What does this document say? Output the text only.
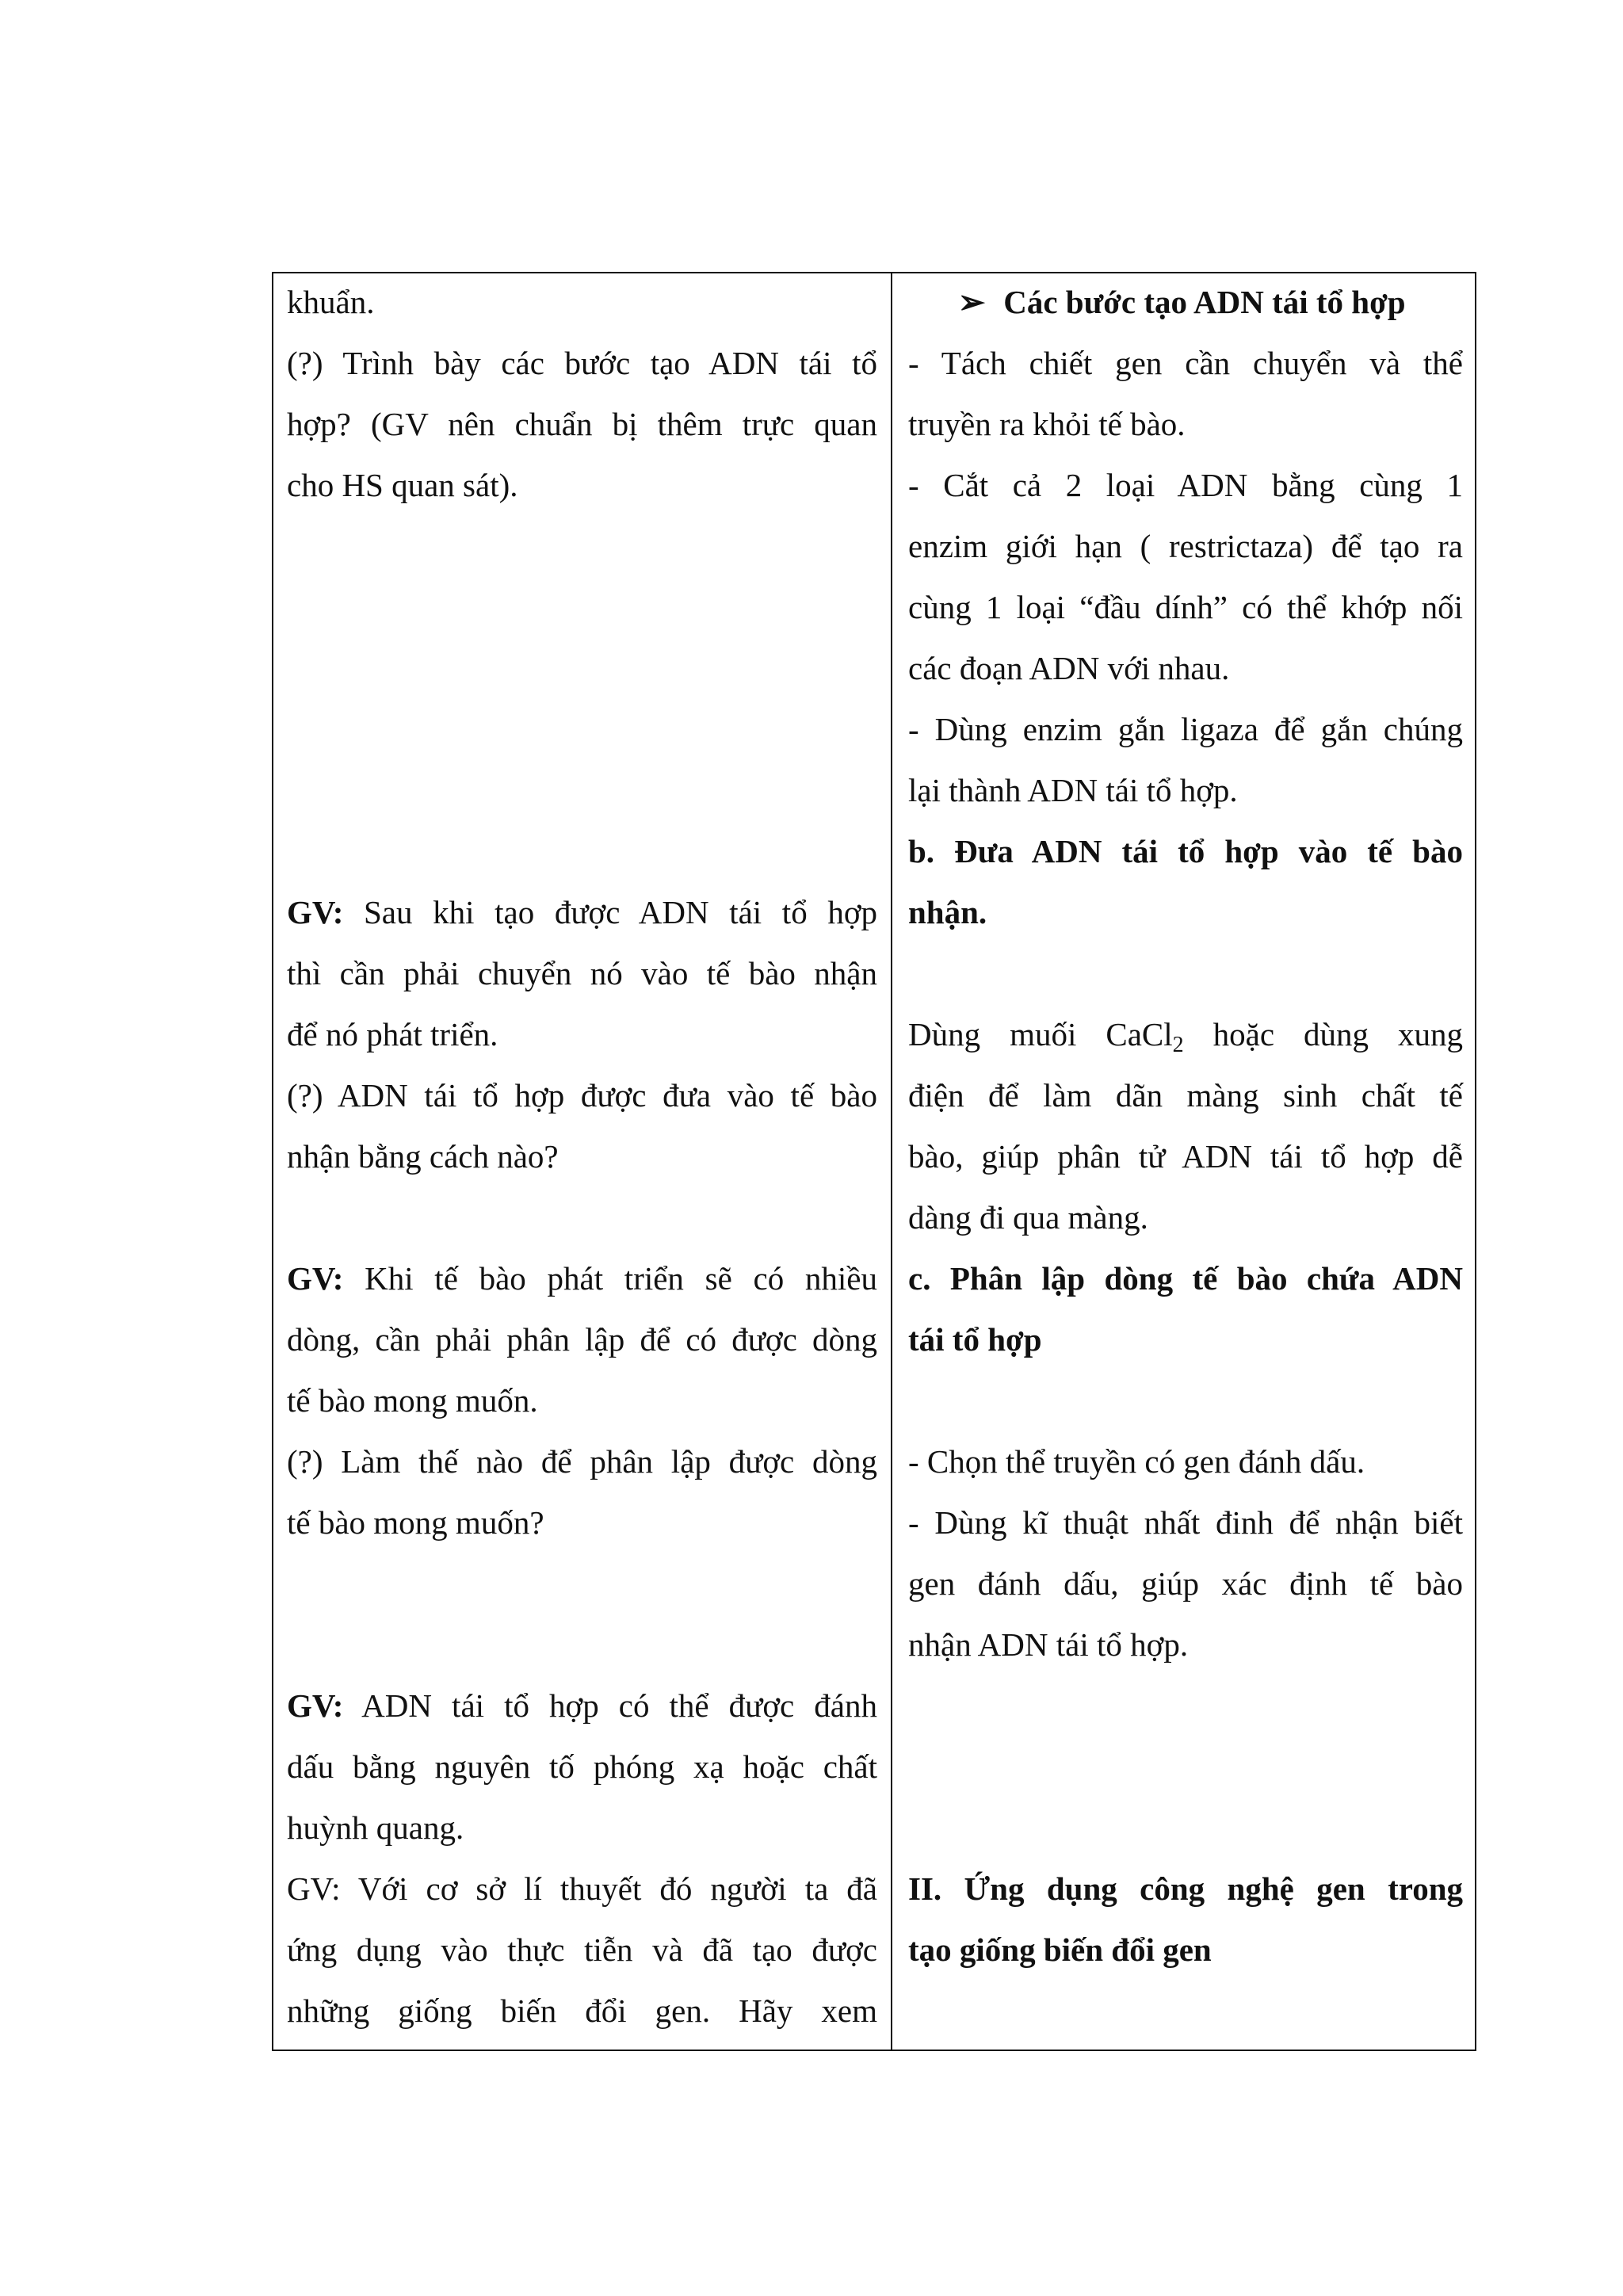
khuẩn.
(?) Trình bày các bước tạo ADN tái tổ
hợp? (GV nên chuẩn bị thêm trực quan
cho HS quan sát).
GV: Sau khi tạo được ADN tái tổ hợp
thì cần phải chuyển nó vào tế bào nhận
để nó phát triển.
(?) ADN tái tổ hợp được đưa vào tế bào
nhận bằng cách nào?
GV: Khi tế bào phát triển sẽ có nhiều
dòng, cần phải phân lập để có được dòng
tế bào mong muốn.
(?) Làm thế nào để phân lập được dòng
tế bào mong muốn?
GV: ADN tái tổ hợp có thể được đánh
dấu bằng nguyên tố phóng xạ hoặc chất
huỳnh quang.
GV: Với cơ sở lí thuyết đó người ta đã
ứng dụng vào thực tiễn và đã tạo được
những giống biến đổi gen. Hãy xem
➢ Các bước tạo ADN tái tổ hợp
- Tách chiết gen cần chuyển và thể
truyền ra khỏi tế bào.
- Cắt cả 2 loại ADN bằng cùng 1
enzim giới hạn ( restrictaza) để tạo ra
cùng 1 loại “đầu dính” có thể khớp nối
các đoạn ADN với nhau.
- Dùng enzim gắn ligaza để gắn chúng
lại thành ADN tái tổ hợp.
b. Đưa ADN tái tổ hợp vào tế bào
nhận.
Dùng muối CaCl$_2$ hoặc dùng xung
điện để làm dãn màng sinh chất tế
bào, giúp phân tử ADN tái tổ hợp dễ
dàng đi qua màng.
c. Phân lập dòng tế bào chứa ADN
tái tổ hợp
- Chọn thể truyền có gen đánh dấu.
- Dùng kĩ thuật nhất đinh để nhận biết
gen đánh dấu, giúp xác định tế bào
nhận ADN tái tổ hợp.
II. Ứng dụng công nghệ gen trong
tạo giống biến đổi gen
